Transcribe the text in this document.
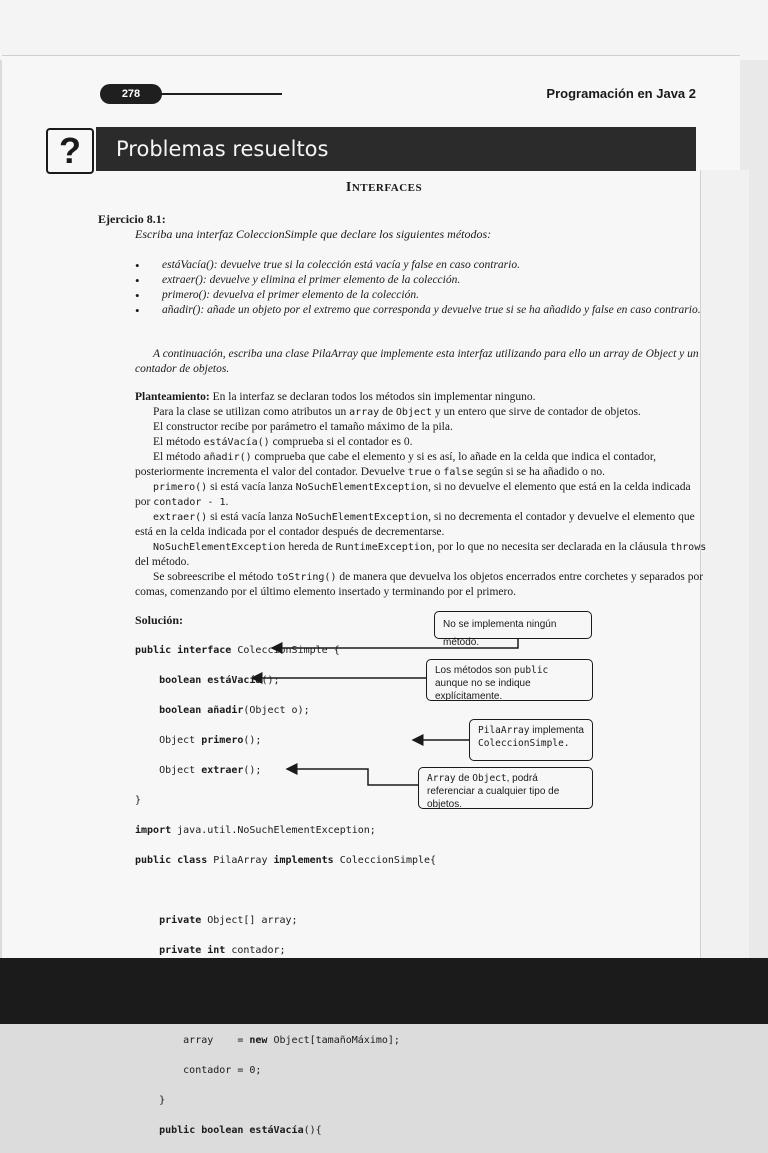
278	Programación en Java 2
?	Problemas resueltos
INTERFACES
Ejercicio 8.1:
Escriba una interfaz ColeccionSimple que declare los siguientes métodos:
• estáVacía(): devuelve true si la colección está vacía y false en caso contrario.
• extraer(): devuelve y elimina el primer elemento de la colección.
• primero(): devuelva el primer elemento de la colección.
• añadir(): añade un objeto por el extremo que corresponda y devuelve true si se ha añadido y false en caso contrario.
A continuación, escriba una clase PilaArray que implemente esta interfaz utilizando para ello un array de Object y un contador de objetos.
Planteamiento: En la interfaz se declaran todos los métodos sin implementar ninguno.
Para la clase se utilizan como atributos un array de Object y un entero que sirve de contador de objetos.
El constructor recibe por parámetro el tamaño máximo de la pila.
El método estáVacía() comprueba si el contador es 0.
El método añadir() comprueba que cabe el elemento y si es así, lo añade en la celda que indica el contador, posteriormente incrementa el valor del contador. Devuelve true o false según si se ha añadido o no.
primero() si está vacía lanza NoSuchElementException, si no devuelve el elemento que está en la celda indicada por contador - 1.
extraer() si está vacía lanza NoSuchElementException, si no decrementa el contador y devuelve el elemento que está en la celda indicada por el contador después de decrementarse.
NoSuchElementException hereda de RuntimeException, por lo que no necesita ser declarada en la cláusula throws del método.
Se sobreescribe el método toString() de manera que devuelva los objetos encerrados entre corchetes y separados por comas, comenzando por el último elemento insertado y terminando por el primero.
Solución:

public interface ColeccionSimple {

boolean estáVacía();

boolean añadir(Object o);

Object primero();

Object extraer();

}

import java.util.NoSuchElementException;

public class PilaArray implements ColeccionSimple{

private Object[] array;

private int contador;

array    = new Object[tamañoMáximo];

contador = 0;

}

public boolean estáVacía(){

No se implementa ningún método.
Los métodos son public aunque no se indique explícitamente.
PilaArray implementa ColeccionSimple.
Array de Object, podrá referenciar a cualquier tipo de objetos.
